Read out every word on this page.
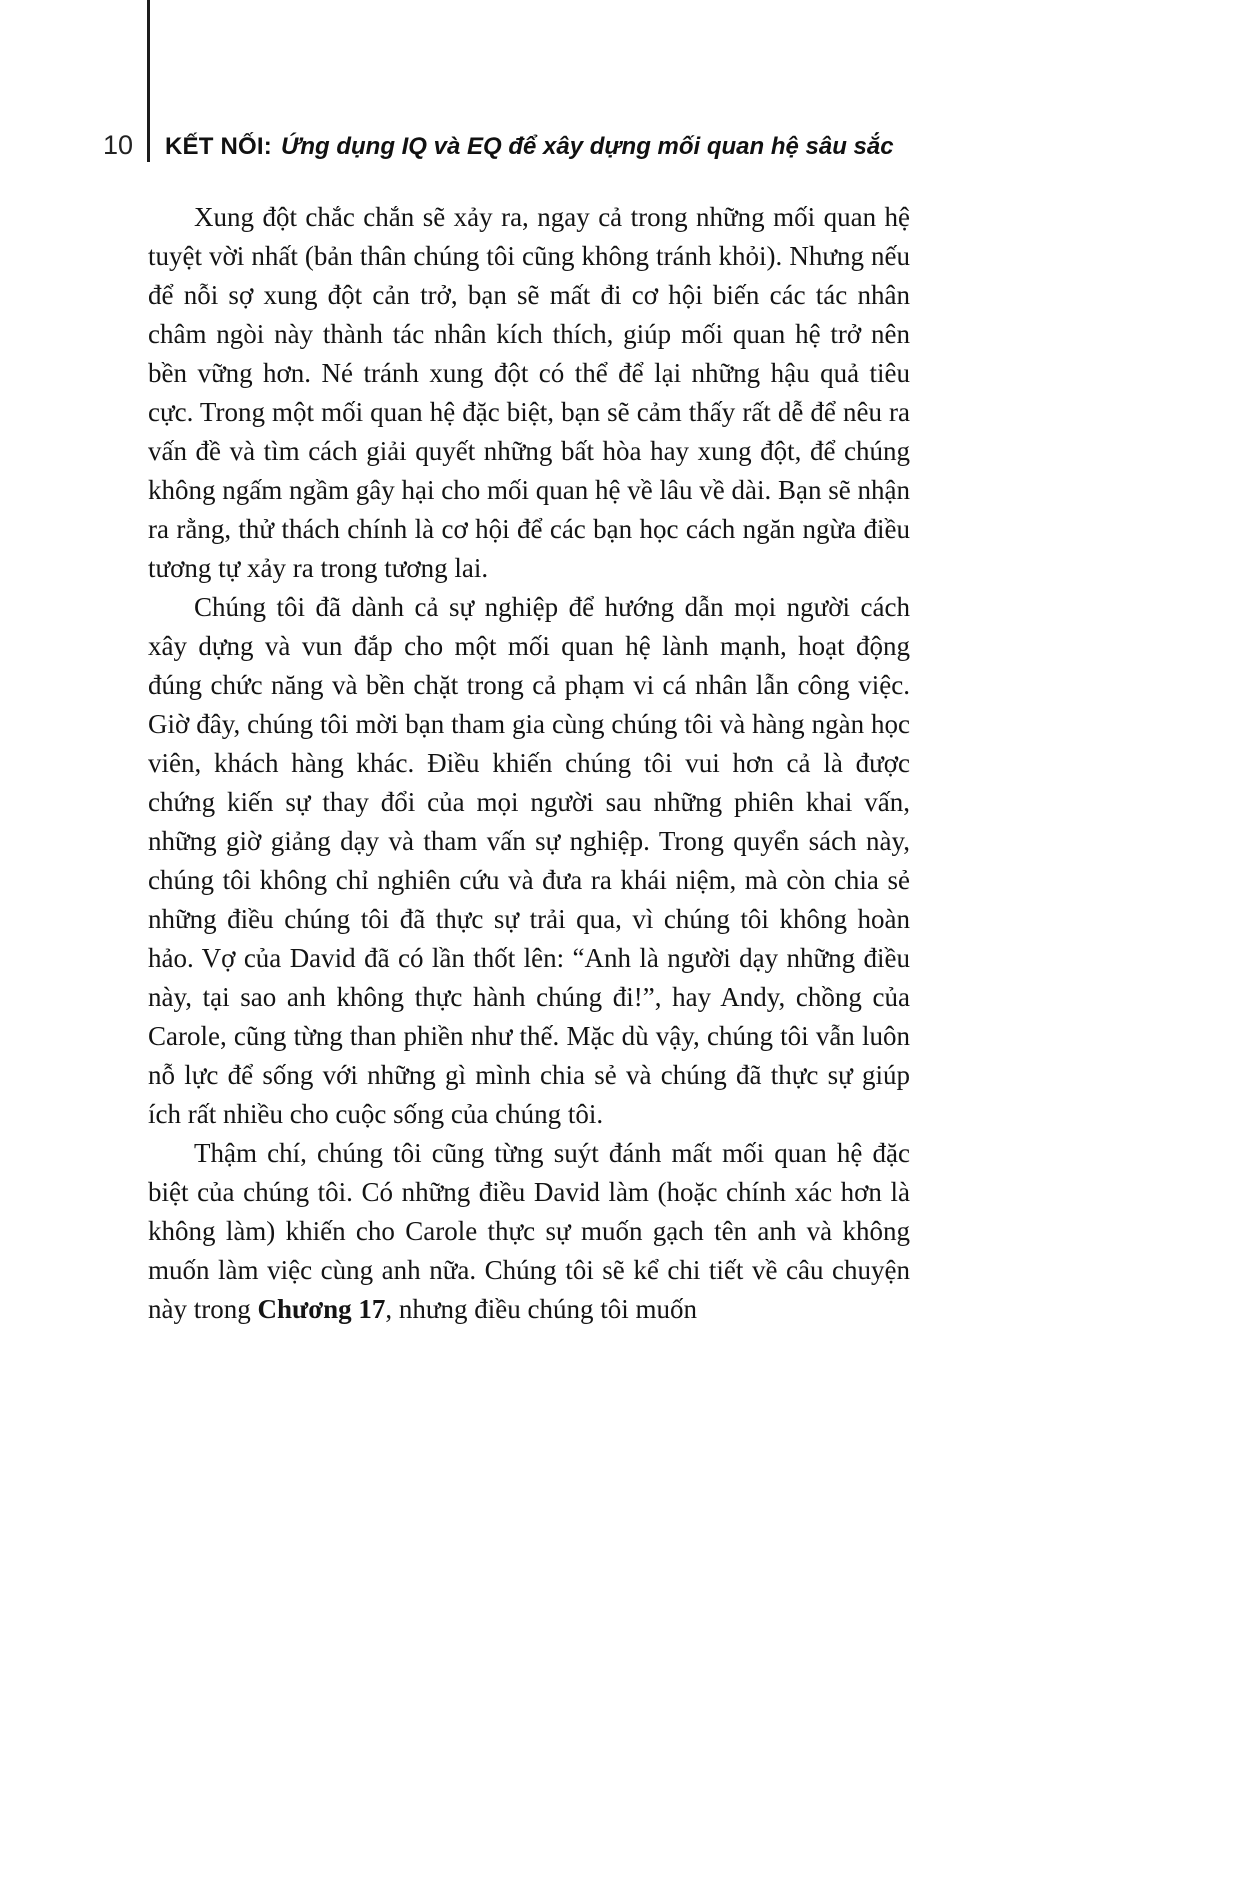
10	KẾT NỐI: Ứng dụng IQ và EQ để xây dựng mối quan hệ sâu sắc

Xung đột chắc chắn sẽ xảy ra, ngay cả trong những mối quan hệ tuyệt vời nhất (bản thân chúng tôi cũng không tránh khỏi). Nhưng nếu để nỗi sợ xung đột cản trở, bạn sẽ mất đi cơ hội biến các tác nhân châm ngòi này thành tác nhân kích thích, giúp mối quan hệ trở nên bền vững hơn. Né tránh xung đột có thể để lại những hậu quả tiêu cực. Trong một mối quan hệ đặc biệt, bạn sẽ cảm thấy rất dễ để nêu ra vấn đề và tìm cách giải quyết những bất hòa hay xung đột, để chúng không ngấm ngầm gây hại cho mối quan hệ về lâu về dài. Bạn sẽ nhận ra rằng, thử thách chính là cơ hội để các bạn học cách ngăn ngừa điều tương tự xảy ra trong tương lai.

Chúng tôi đã dành cả sự nghiệp để hướng dẫn mọi người cách xây dựng và vun đắp cho một mối quan hệ lành mạnh, hoạt động đúng chức năng và bền chặt trong cả phạm vi cá nhân lẫn công việc. Giờ đây, chúng tôi mời bạn tham gia cùng chúng tôi và hàng ngàn học viên, khách hàng khác. Điều khiến chúng tôi vui hơn cả là được chứng kiến sự thay đổi của mọi người sau những phiên khai vấn, những giờ giảng dạy và tham vấn sự nghiệp. Trong quyển sách này, chúng tôi không chỉ nghiên cứu và đưa ra khái niệm, mà còn chia sẻ những điều chúng tôi đã thực sự trải qua, vì chúng tôi không hoàn hảo. Vợ của David đã có lần thốt lên: “Anh là người dạy những điều này, tại sao anh không thực hành chúng đi!”, hay Andy, chồng của Carole, cũng từng than phiền như thế. Mặc dù vậy, chúng tôi vẫn luôn nỗ lực để sống với những gì mình chia sẻ và chúng đã thực sự giúp ích rất nhiều cho cuộc sống của chúng tôi.

Thậm chí, chúng tôi cũng từng suýt đánh mất mối quan hệ đặc biệt của chúng tôi. Có những điều David làm (hoặc chính xác hơn là không làm) khiến cho Carole thực sự muốn gạch tên anh và không muốn làm việc cùng anh nữa. Chúng tôi sẽ kể chi tiết về câu chuyện này trong Chương 17, nhưng điều chúng tôi muốn
